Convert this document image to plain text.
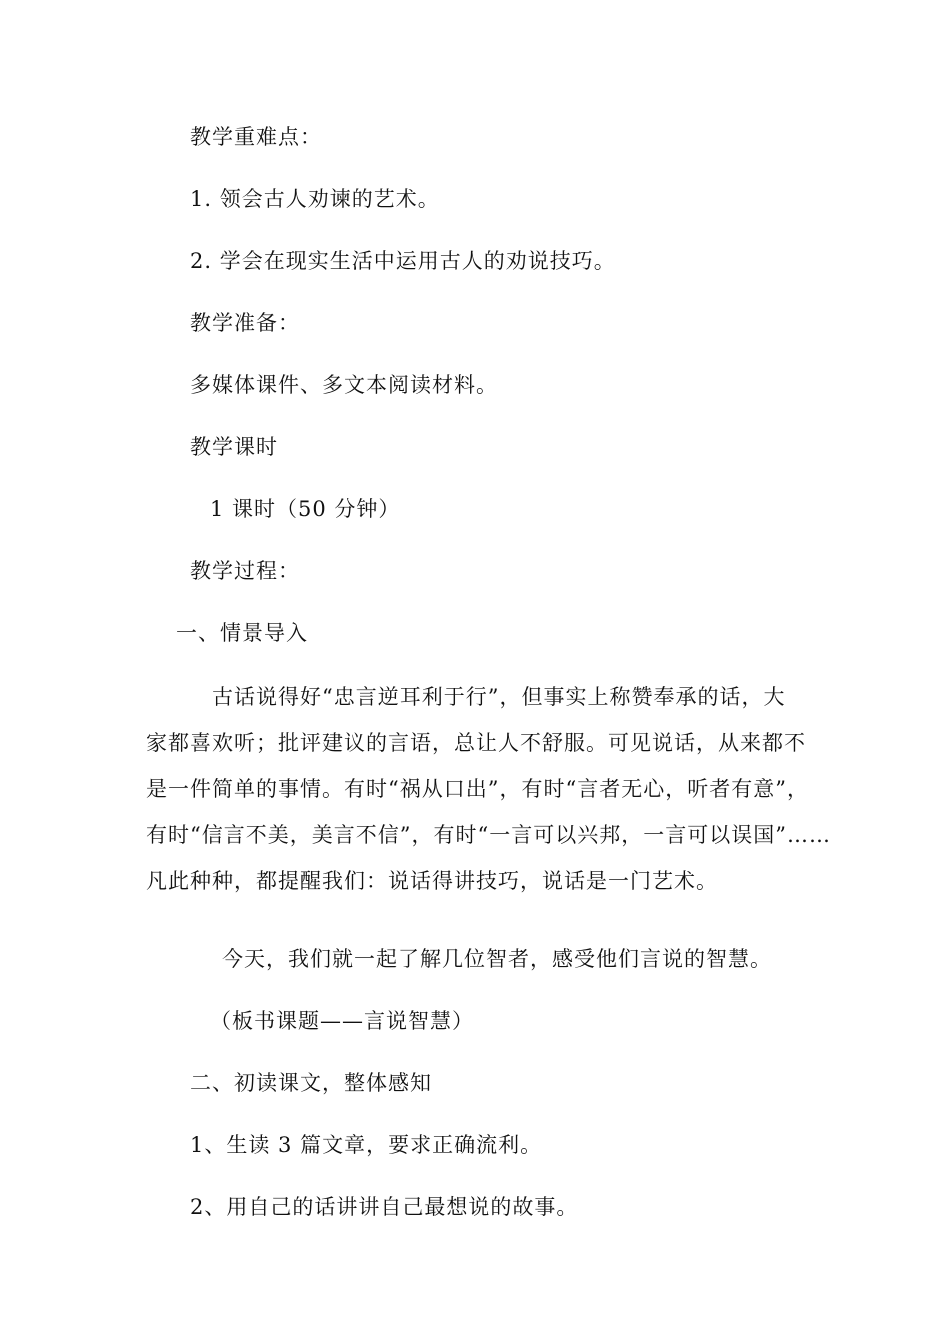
教学重难点：
1. 领会古人劝谏的艺术。
2. 学会在现实生活中运用古人的劝说技巧。
教学准备：
多媒体课件、多文本阅读材料。
教学课时
1 课时（50 分钟）
教学过程：
一、情景导入
古话说得好“忠言逆耳利于行”，但事实上称赞奉承的话，大
家都喜欢听；批评建议的言语，总让人不舒服。可见说话，从来都不
是一件简单的事情。有时“祸从口出”，有时“言者无心，听者有意”，
有时“信言不美，美言不信”，有时“一言可以兴邦，一言可以误国”……
凡此种种，都提醒我们：说话得讲技巧，说话是一门艺术。
今天，我们就一起了解几位智者，感受他们言说的智慧。
（板书课题——言说智慧）
二、初读课文，整体感知
1、生读 3 篇文章，要求正确流利。
2、用自己的话讲讲自己最想说的故事。
